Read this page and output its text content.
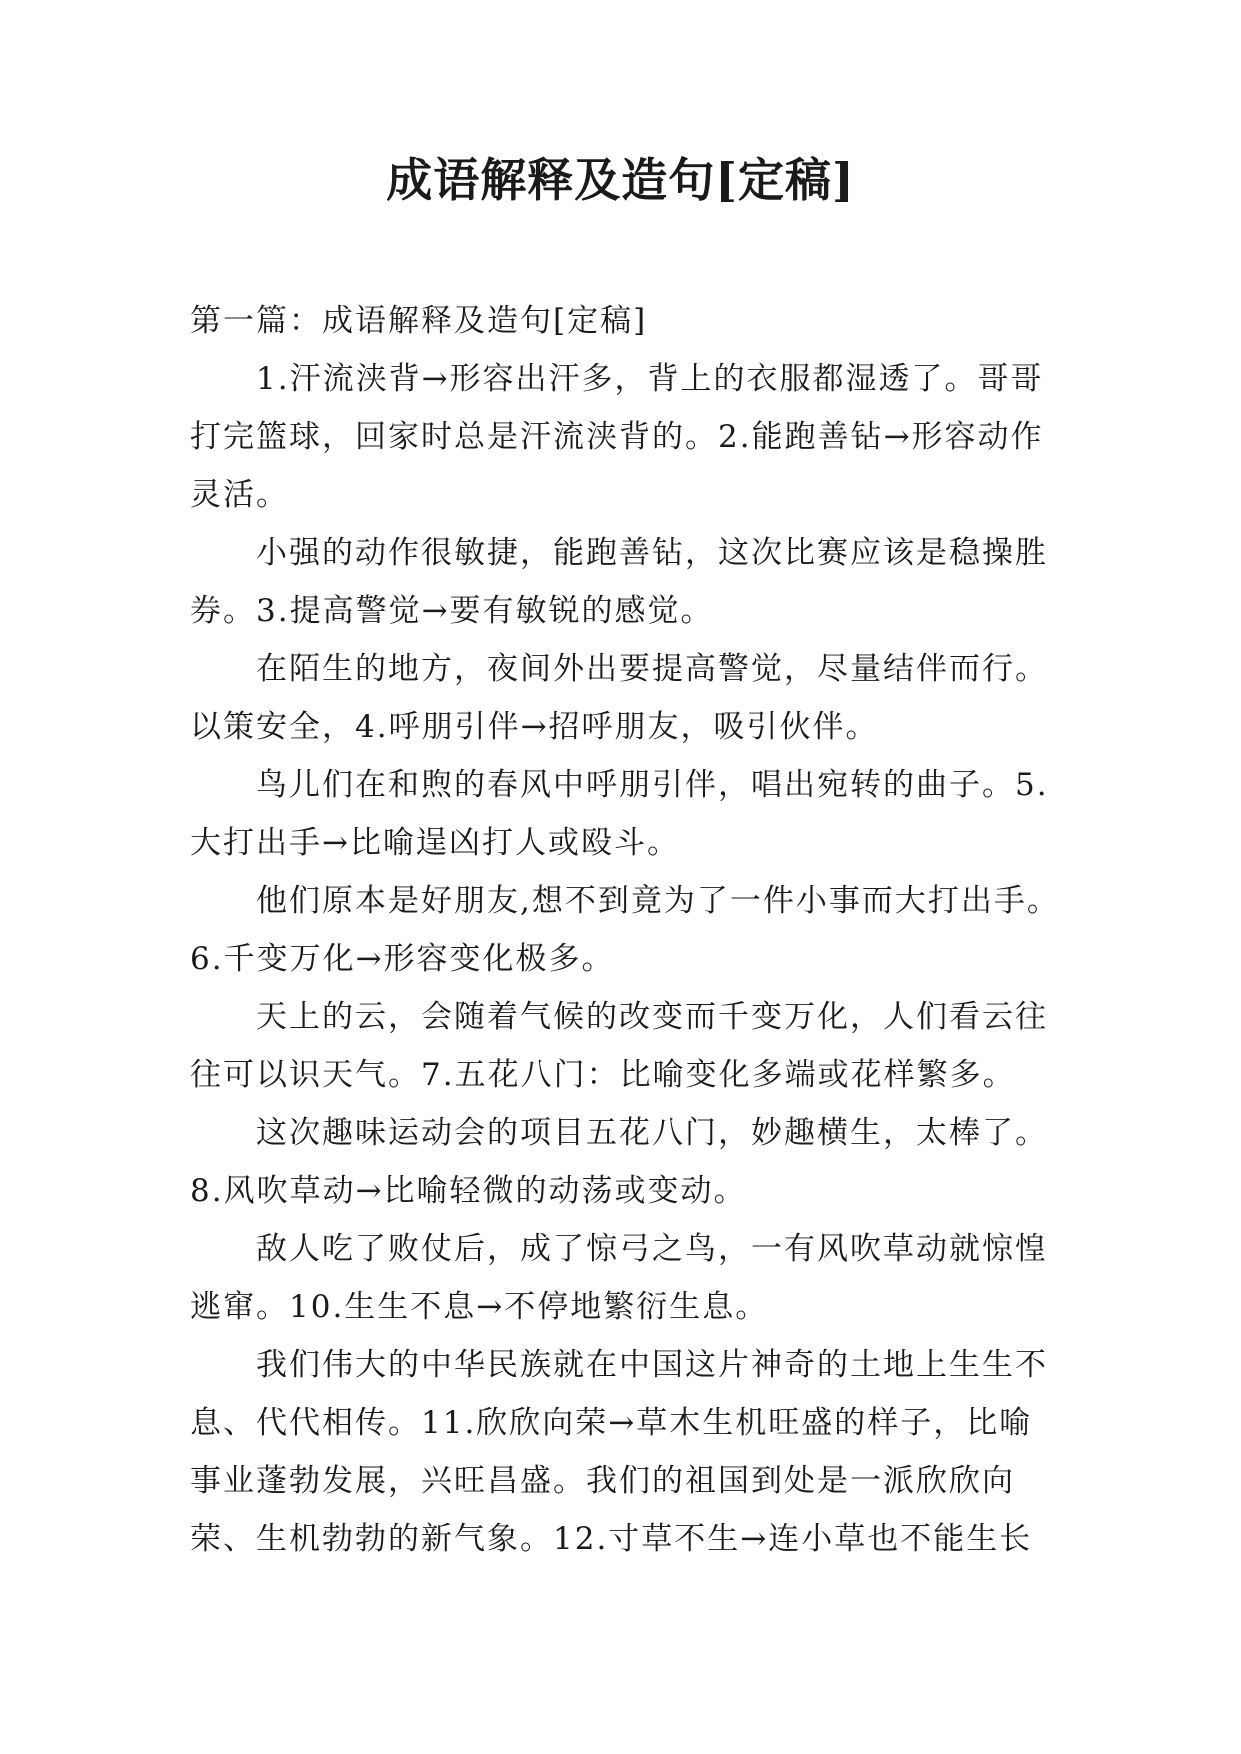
成语解释及造句[定稿]

第一篇：成语解释及造句[定稿]

1.汗流浃背→形容出汗多，背上的衣服都湿透了。哥哥打完篮球，回家时总是汗流浃背的。2.能跑善钻→形容动作灵活。

小强的动作很敏捷，能跑善钻，这次比赛应该是稳操胜券。3.提高警觉→要有敏锐的感觉。

在陌生的地方，夜间外出要提高警觉，尽量结伴而行。以策安全，4.呼朋引伴→招呼朋友，吸引伙伴。

鸟儿们在和煦的春风中呼朋引伴，唱出宛转的曲子。5.大打出手→比喻逞凶打人或殴斗。

他们原本是好朋友,想不到竟为了一件小事而大打出手。6.千变万化→形容变化极多。

天上的云，会随着气候的改变而千变万化，人们看云往往可以识天气。7.五花八门：比喻变化多端或花样繁多。

这次趣味运动会的项目五花八门，妙趣横生，太棒了。8.风吹草动→比喻轻微的动荡或变动。

敌人吃了败仗后，成了惊弓之鸟，一有风吹草动就惊惶逃窜。10.生生不息→不停地繁衍生息。

我们伟大的中华民族就在中国这片神奇的土地上生生不息、代代相传。11.欣欣向荣→草木生机旺盛的样子，比喻事业蓬勃发展，兴旺昌盛。我们的祖国到处是一派欣欣向荣、生机勃勃的新气象。12.寸草不生→连小草也不能生长
